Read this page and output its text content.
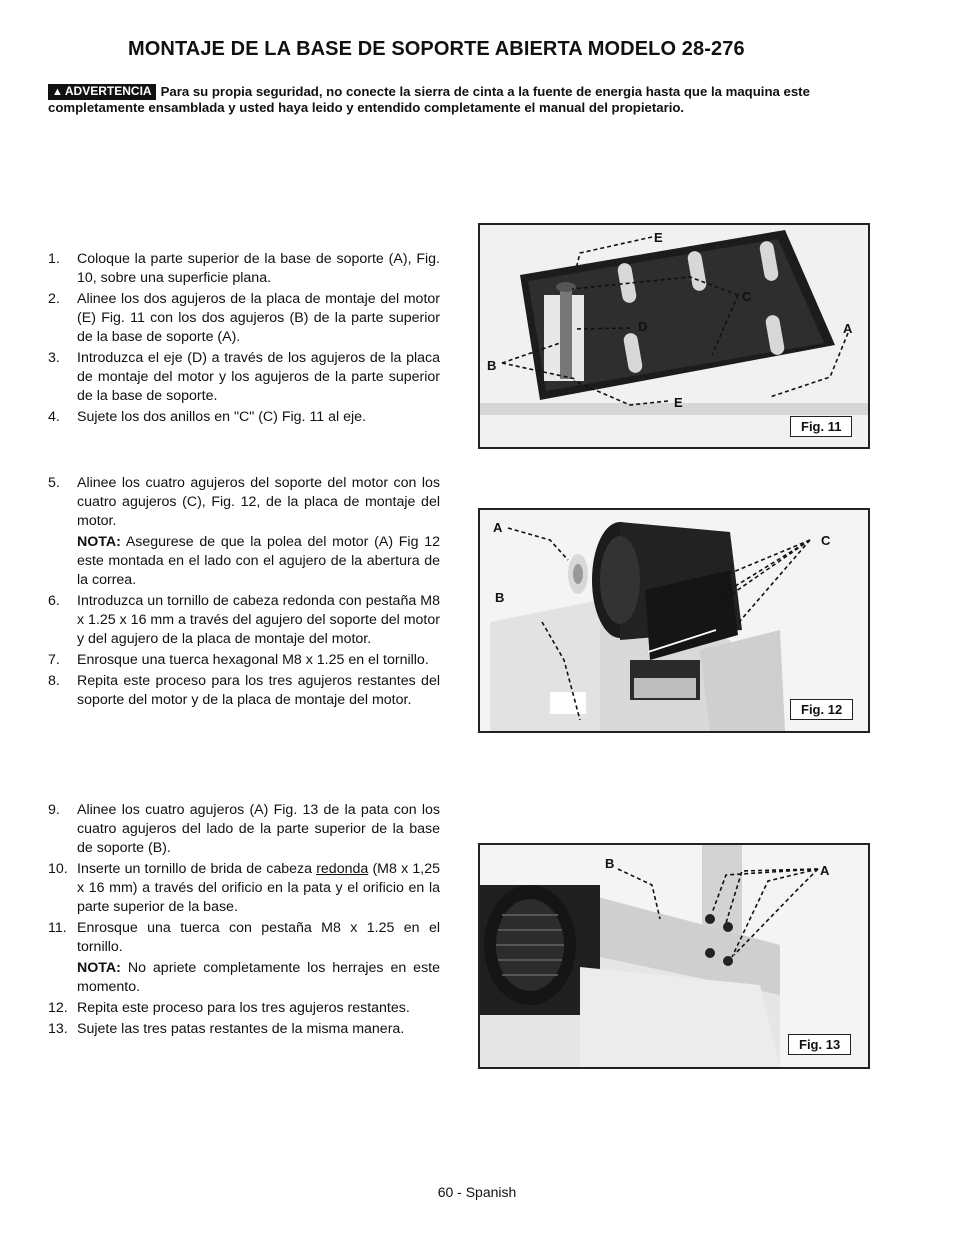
MONTAJE DE LA BASE DE SOPORTE ABIERTA MODELO 28-276
▲ ADVERTENCIA Para su propia seguridad, no conecte la sierra de cinta a la fuente de energia hasta que la maquina este completamente ensamblada y usted haya leido y entendido completamente el manual del propietario.
1.	Coloque la parte superior de la base de soporte (A), Fig. 10, sobre una superficie plana.
2.	Alinee los dos agujeros de la placa de montaje del motor (E) Fig. 11 con los dos agujeros (B) de la parte superior de la base de soporte (A).
3.	Introduzca el eje (D) a través de los agujeros de la placa de montaje del motor y los agujeros de la parte superior de la base de soporte.
4.	Sujete los dos anillos en "C" (C) Fig. 11 al eje.
5.	Alinee los cuatro agujeros del soporte del motor con los cuatro agujeros (C), Fig. 12, de la placa de montaje del motor.
NOTA: Asegurese de que la polea del motor (A) Fig 12 este montada en el lado con el agujero de la abertura de la correa.
6.	Introduzca un tornillo de cabeza redonda con pestaña M8 x 1.25 x 16 mm a través del agujero del soporte del motor y del agujero de la placa de montaje del motor.
7.	Enrosque una tuerca hexagonal M8 x 1.25 en el tornillo.
8.	Repita este proceso para los tres agujeros restantes del soporte del motor y de la placa de montaje del motor.
9.	Alinee los cuatro agujeros (A) Fig. 13 de la pata con los cuatro agujeros del lado de la parte superior de la base de soporte (B).
10. Inserte un tornillo de brida de cabeza redonda (M8 x 1,25 x 16 mm) a través del orificio en la pata y el orificio en la parte superior de la base.
11. Enrosque una tuerca con pestaña M8 x 1.25 en el tornillo.
NOTA: No apriete completamente los herrajes en este momento.
12. Repita este proceso para los tres agujeros restantes.
13. Sujete las tres patas restantes de la misma manera.
E
C
D	A
B
E
Fig. 11
A
C
B
Fig. 12
B	A
Fig. 13
60 - Spanish
